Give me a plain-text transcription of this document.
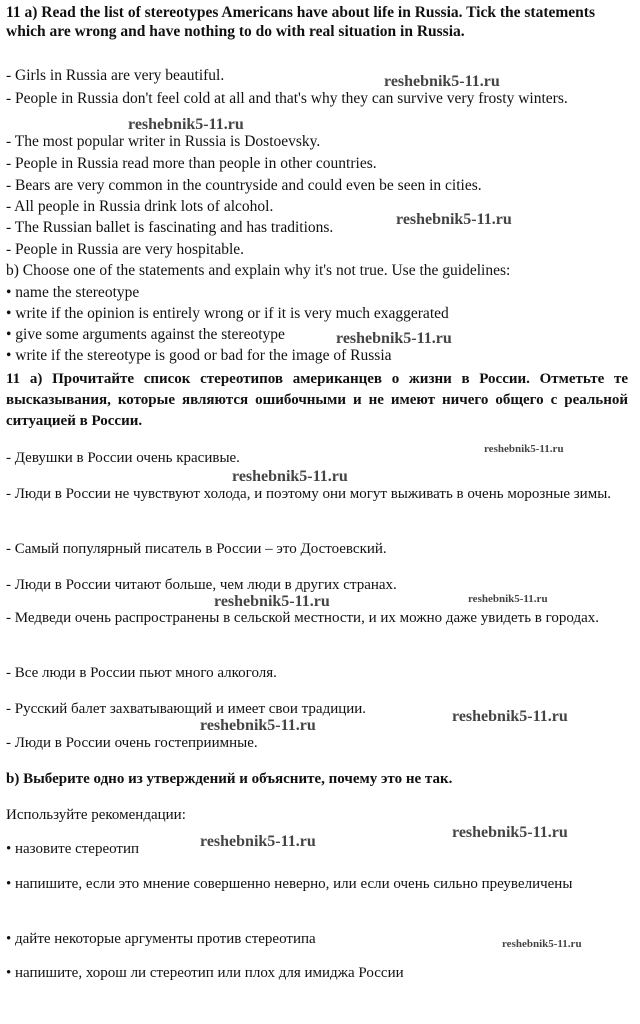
11 a) Read the list of stereotypes Americans have about life in Russia. Tick the statements which are wrong and have nothing to do with real situation in Russia.

- Girls in Russia are very beautiful.

- People in Russia don't feel cold at all and that's why they can survive very frosty winters.

- The most popular writer in Russia is Dostoevsky.

- People in Russia read more than people in other countries.

- Bears are very common in the countryside and could even be seen in cities.

- All people in Russia drink lots of alcohol.

- The Russian ballet is fascinating and has traditions.

- People in Russia are very hospitable.

b) Choose one of the statements and explain why it's not true. Use the guidelines:

• name the stereotype

• write if the opinion is entirely wrong or if it is very much exaggerated

• give some arguments against the stereotype

• write if the stereotype is good or bad for the image of Russia

11 а) Прочитайте список стереотипов американцев о жизни в России. Отметьте те высказывания, которые являются ошибочными и не имеют ничего общего с реальной ситуацией в России.

- Девушки в России очень красивые.

- Люди в России не чувствуют холода, и поэтому они могут выживать в очень морозные зимы.

- Самый популярный писатель в России – это Достоевский.

- Люди в России читают больше, чем люди в других странах.

- Медведи очень распространены в сельской местности, и их можно даже увидеть в городах.

- Все люди в России пьют много алкоголя.

- Русский балет захватывающий и имеет свои традиции.

- Люди в России очень гостеприимные.

b) Выберите одно из утверждений и объясните, почему это не так.

Используйте рекомендации:

• назовите стереотип

• напишите, если это мнение совершенно неверно, или если очень сильно преувеличены

• дайте некоторые аргументы против стереотипа

• напишите, хорош ли стереотип или плох для имиджа России

reshebnik5-11.ru
reshebnik5-11.ru
reshebnik5-11.ru
reshebnik5-11.ru
reshebnik5-11.ru
reshebnik5-11.ru
reshebnik5-11.ru	reshebnik5-11.ru
reshebnik5-11.ru
reshebnik5-11.ru
reshebnik5-11.ru
reshebnik5-11.ru
reshebnik5-11.ru
